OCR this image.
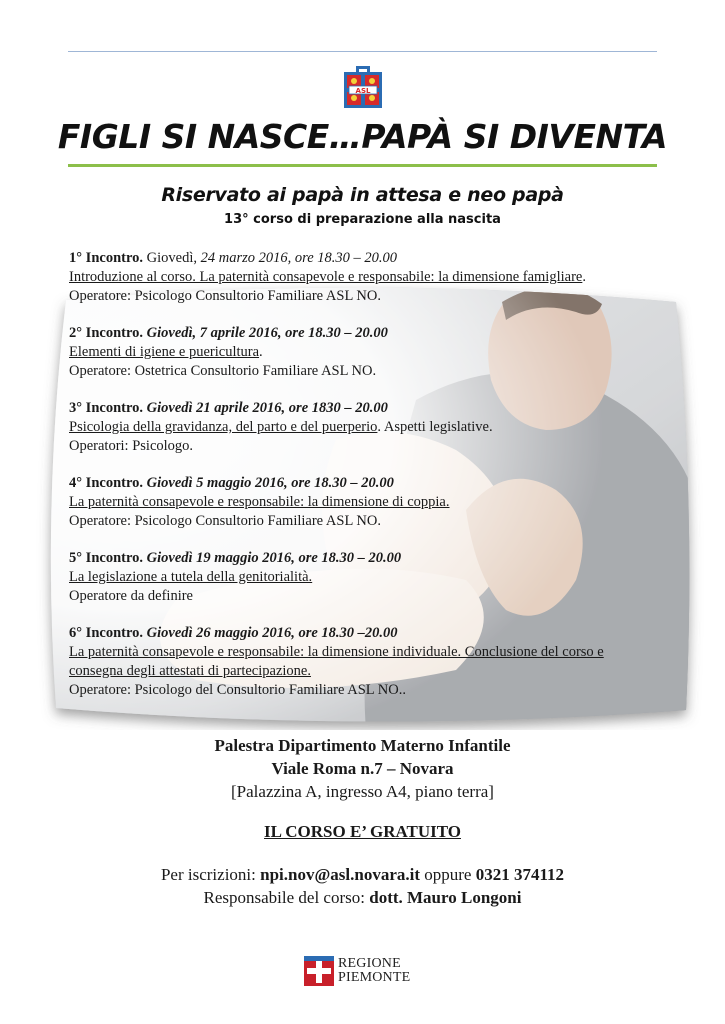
ASL
FIGLI SI NASCE…PAPÀ SI DIVENTA
Riservato ai papà in attesa e neo papà
13° corso di preparazione alla nascita
1° Incontro. Giovedì, 24 marzo 2016, ore 18.30 – 20.00
Introduzione al corso. La paternità consapevole e responsabile: la dimensione famigliare.
Operatore: Psicologo Consultorio Familiare ASL NO.
2° Incontro. Giovedì, 7 aprile 2016, ore 18.30 – 20.00
Elementi di igiene e puericultura.
Operatore: Ostetrica Consultorio Familiare ASL NO.
3° Incontro. Giovedì 21 aprile 2016, ore 1830 – 20.00
Psicologia della gravidanza, del parto e del puerperio. Aspetti legislative.
Operatori: Psicologo.
4° Incontro. Giovedì 5 maggio 2016, ore 18.30 – 20.00
La paternità consapevole e responsabile: la dimensione di coppia.
Operatore: Psicologo Consultorio Familiare ASL NO.
5° Incontro. Giovedì 19 maggio 2016, ore 18.30 – 20.00
La legislazione a tutela della genitorialità.
Operatore da definire
6° Incontro. Giovedì 26 maggio 2016, ore 18.30 –20.00
La paternità consapevole e responsabile: la dimensione individuale. Conclusione del corso e
consegna degli attestati di partecipazione.
Operatore: Psicologo del Consultorio Familiare ASL NO..
Palestra Dipartimento Materno Infantile
Viale Roma n.7 – Novara
[Palazzina A, ingresso A4, piano terra]
IL CORSO E’ GRATUITO
Per iscrizioni: npi.nov@asl.novara.it oppure 0321 374112
Responsabile del corso: dott. Mauro Longoni
REGIONE
PIEMONTE
